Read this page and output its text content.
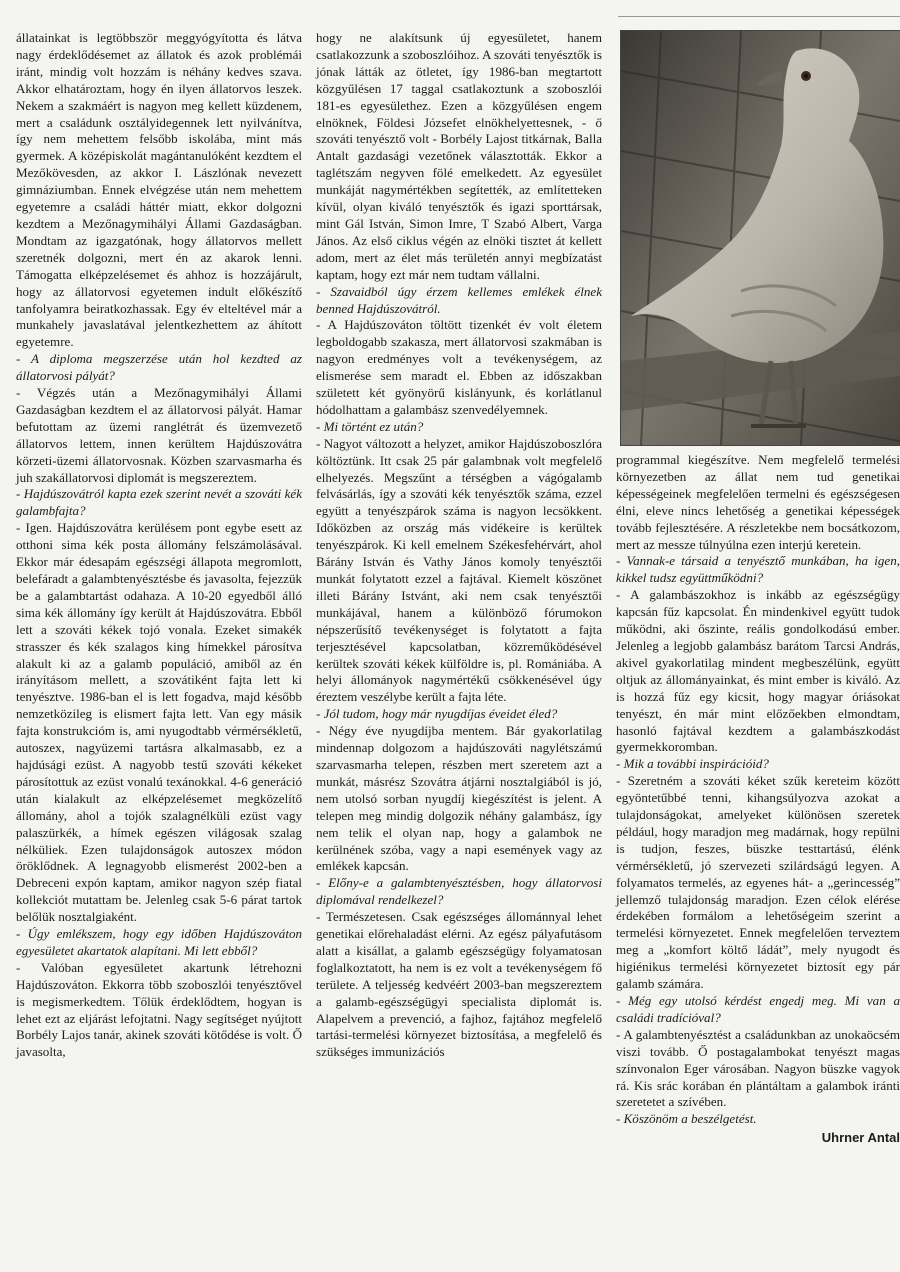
állatainkat is legtöbbször meggyógyította és látva nagy érdeklődésemet az állatok és azok problémái iránt, mindig volt hozzám is néhány kedves szava. Akkor elhatároztam, hogy én ilyen állatorvos leszek. Nekem a szakmáért is nagyon meg kellett küzdenem, mert a családunk osztályidegennek lett nyilvánítva, így nem mehettem felsőbb iskolába, mint más gyermek. A középiskolát magántanulóként kezdtem el Mezőkövesden, az akkor I. Lászlónak nevezett gimnáziumban. Ennek elvégzése után nem mehettem egyetemre a családi háttér miatt, ekkor dolgozni kezdtem a Mezőnagymihályi Állami Gazdaságban. Mondtam az igazgatónak, hogy állatorvos mellett szeretnék dolgozni, mert én az akarok lenni. Támogatta elképzelésemet és ahhoz is hozzájárult, hogy az állatorvosi egyetemen indult előkészítő tanfolyamra beiratkozhassak. Egy év elteltével már a munkahely javaslatával jelentkezhettem az áhított egyetemre.

- A diploma megszerzése után hol kezdted az állatorvosi pályát?

- Végzés után a Mezőnagymihályi Állami Gazdaságban kezdtem el az állatorvosi pályát. Hamar befutottam az üzemi ranglétrát és üzemvezető állatorvos lettem, innen kerültem Hajdúszovátra körzeti-üzemi állatorvosnak. Közben szarvasmarha és juh szakállatorvosi diplomát is megszereztem.

- Hajdúszovátról kapta ezek szerint nevét a szováti kék galambfajta?

- Igen. Hajdúszovátra kerülésem pont egybe esett az otthoni sima kék posta állomány felszámolásával. Ekkor már édesapám egészségi állapota megromlott, belefáradt a galambtenyésztésbe és javasolta, fejezzük be a galambtartást odahaza. A 10-20 egyedből álló sima kék állomány így került át Hajdúszovátra. Ebből lett a szováti kékek tojó vonala. Ezeket simakék strasszer és kék szalagos king hímekkel párosítva alakult ki az a galamb populáció, amiből az én irányításom mellett, a szovátiként fajta lett ki tenyésztve. 1986-ban el is lett fogadva, majd később nemzetközileg is elismert fajta lett. Van egy másik fajta konstrukcióm is, ami nyugodtabb vérmérsékletű, autoszex, nagyüzemi tartásra alkalmasabb, ez a hajdúsági ezüst. A nagyobb testű szováti kékeket párosítottuk az ezüst vonalú texánokkal. 4-6 generáció után kialakult az elképzelésemet megközelítő állomány, ahol a tojók szalagnélküli ezüst vagy palaszürkék, a hímek egészen világosak szalag nélküliek. Ezen tulajdonságok autoszex módon öröklődnek. A legnagyobb elismerést 2002-ben a Debreceni expón kaptam, amikor nagyon szép fiatal kollekciót mutattam be. Jelenleg csak 5-6 párat tartok belőlük nosztalgiaként.

- Úgy emlékszem, hogy egy időben Hajdúszováton egyesületet akartatok alapítani. Mi lett ebből?

- Valóban egyesületet akartunk létrehozni Hajdúszováton. Ekkorra több szoboszlói tenyésztővel is megismerkedtem. Tőlük érdeklődtem, hogyan is lehet ezt az eljárást lefojtatni. Nagy segítséget nyújtott Borbély Lajos tanár, akinek szováti kötődése is volt. Ő javasolta,

hogy ne alakítsunk új egyesületet, hanem csatlakozzunk a szoboszlóihoz. A szováti tenyésztők is jónak látták az ötletet, így 1986-ban megtartott közgyűlésen 17 taggal csatlakoztunk a szoboszlói 181-es egyesülethez. Ezen a közgyűlésen engem elnöknek, Földesi Józsefet elnökhelyettesnek, - ő szováti tenyésztő volt - Borbély Lajost titkárnak, Balla Antalt gazdasági vezetőnek választották. Ekkor a taglétszám negyven fölé emelkedett. Az egyesület munkáját nagymértékben segítették, az említetteken kívül, olyan kiváló tenyésztők és igazi sporttársak, mint Gál István, Simon Imre, T Szabó Albert, Varga János. Az első ciklus végén az elnöki tisztet át kellett adom, mert az élet más területén annyi megbízatást kaptam, hogy ezt már nem tudtam vállalni.

- Szavaidból úgy érzem kellemes emlékek élnek benned Hajdúszovátról.

- A Hajdúszováton töltött tizenkét év volt életem legboldogabb szakasza, mert állatorvosi szakmában is nagyon eredményes volt a tevékenységem, az elismerése sem maradt el. Ebben az időszakban született két gyönyörű kislányunk, és korlátlanul hódolhattam a galambász szenvedélyemnek.

- Mi történt ez után?

- Nagyot változott a helyzet, amikor Hajdúszoboszlóra költöztünk. Itt csak 25 pár galambnak volt megfelelő elhelyezés. Megszűnt a térségben a vágógalamb felvásárlás, így a szováti kék tenyésztők száma, ezzel együtt a tenyészpárok száma is nagyon lecsökkent. Időközben az ország más vidékeire is kerültek tenyészpárok. Ki kell emelnem Székesfehérvárt, ahol Bárány István és Vathy János komoly tenyésztői munkát folytatott ezzel a fajtával. Kiemelt köszönet illeti Bárány Istvánt, aki nem csak tenyésztői munkájával, hanem a különböző fórumokon népszerűsítő tevékenységet is folytatott a fajta terjesztésével kapcsolatban, közreműködésével kerültek szováti kékek külföldre is, pl. Romániába. A helyi állományok nagymértékű csökkenésével úgy éreztem veszélybe került a fajta léte.

- Jól tudom, hogy már nyugdíjas éveidet éled?

- Négy éve nyugdíjba mentem. Bár gyakorlatilag mindennap dolgozom a hajdúszováti nagylétszámú szarvasmarha telepen, részben mert szeretem azt a munkát, másrész Szovátra átjárni nosztalgiából is jó, nem utolsó sorban nyugdíj kiegészítést is jelent. A telepen meg mindig dolgozik néhány galambász, így nem telik el olyan nap, hogy a galambok ne kerülnének szóba, vagy a napi események vagy az emlékek kapcsán.

- Előny-e a galambtenyésztésben, hogy állatorvosi diplomával rendelkezel?

- Természetesen. Csak egészséges állománnyal lehet genetikai előrehaladást elérni. Az egész pályafutásom alatt a kisállat, a galamb egészségügy folyamatosan foglalkoztatott, ha nem is ez volt a tevékenységem fő területe. A teljesség kedvéért 2003-ban megszereztem a galamb-egészségügyi specialista diplomát is. Alapelvem a prevenció, a fajhoz, fajtához megfelelő tartási-termelési környezet biztosítása, a megfelelő és szükséges immunizációs

programmal kiegészítve. Nem megfelelő termelési környezetben az állat nem tud genetikai képességeinek megfelelően termelni és egészségesen élni, eleve nincs lehetőség a genetikai képességek tovább fejlesztésére. A részletekbe nem bocsátkozom, mert az messze túlnyúlna ezen interjú keretein.

- Vannak-e társaid a tenyésztő munkában, ha igen, kikkel tudsz együttműködni?

- A galambászokhoz is inkább az egészségügy kapcsán fűz kapcsolat. Én mindenkivel együtt tudok működni, aki őszinte, reális gondolkodású ember. Jelenleg a legjobb galambász barátom Tarcsi András, akivel gyakorlatilag mindent megbeszélünk, együtt oltjuk az állományainkat, és mint ember is kiváló. Az is hozzá fűz egy kicsit, hogy magyar óriásokat tenyészt, én már mint előzőekben elmondtam, hasonló fajtával kezdtem a galambászkodást gyermekkoromban.

- Mik a további inspirációid?

- Szeretném a szováti kéket szűk kereteim között egyöntetűbbé tenni, kihangsúlyozva azokat a tulajdonságokat, amelyeket különösen szeretek például, hogy maradjon meg madárnak, hogy repülni is tudjon, feszes, büszke testtartású, élénk vérmérsékletű, jó szervezeti szilárdságú legyen. A folyamatos termelés, az egyenes hát- a „gerincesség” jellemző tulajdonság maradjon. Ezen célok elérése érdekében formálom a lehetőségeim szerint a termelési környezetet. Ennek megfelelően terveztem meg a „komfort költő ládát”, mely nyugodt és higiénikus termelési környezetet biztosít egy pár galamb számára.

- Még egy utolsó kérdést engedj meg. Mi van a családi tradícióval?

- A galambtenyésztést a családunkban az unokaöcsém viszi tovább. Ő postagalambokat tenyészt magas színvonalon Eger városában. Nagyon büszke vagyok rá. Kis srác korában én plántáltam a galambok iránti szeretetet a szívében.

- Köszönöm a beszélgetést.

Uhrner Antal
